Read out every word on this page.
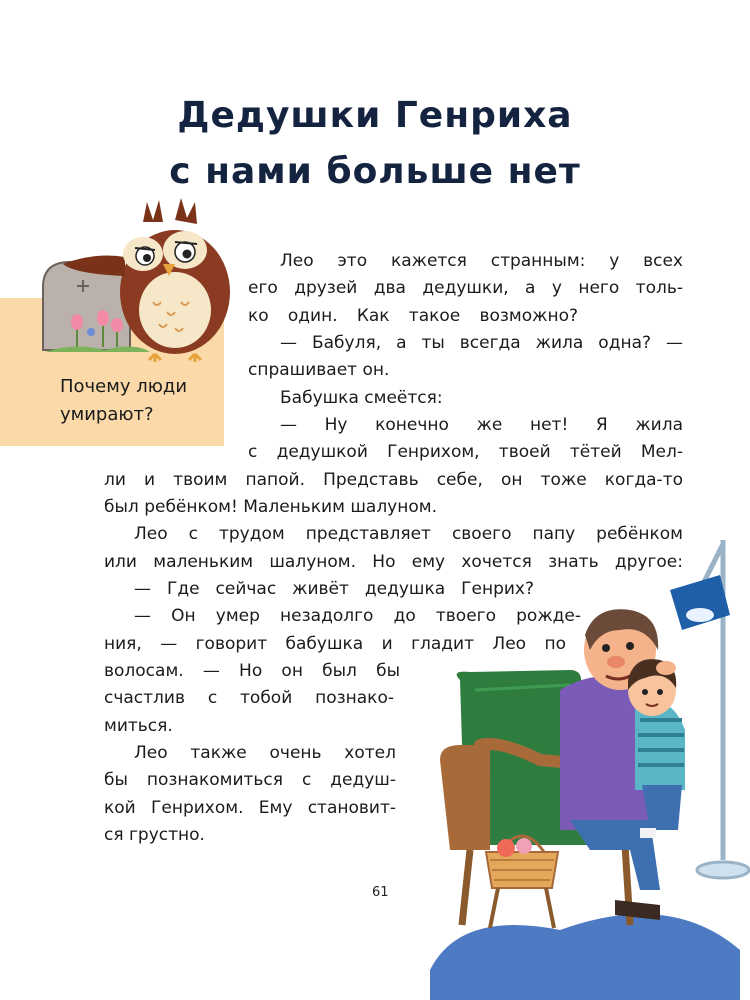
Дедушки Генриха
с нами больше нет
Почему люди умирают?
Лео это кажется странным: у всех
его друзей два дедушки, а у него толь-
ко один. Как такое возможно?
— Бабуля, а ты всегда жила одна? —
спрашивает он.
Бабушка смеётся:
— Ну конечно же нет! Я жила
с дедушкой Генрихом, твоей тётей Мел-
ли и твоим папой. Представь себе, он тоже когда-то
был ребёнком! Маленьким шалуном.
Лео с трудом представляет своего папу ребёнком
или маленьким шалуном. Но ему хочется знать другое:
— Где сейчас живёт дедушка Генрих?
— Он умер незадолго до твоего рожде-
ния, — говорит бабушка и гладит Лео по
волосам. — Но он был бы
счастлив с тобой познако-
миться.
Лео также очень хотел
бы познакомиться с дедуш-
кой Генрихом. Ему становит-
ся грустно.
61
